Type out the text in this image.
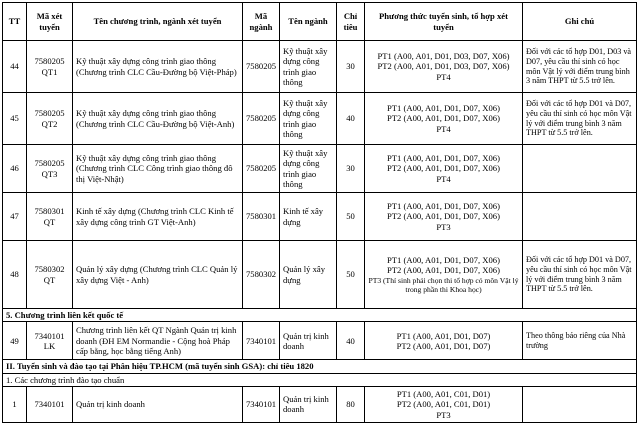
TT	Mã xét tuyển	Tên chương trình, ngành xét tuyển	Mã ngành	Tên ngành	Chỉ tiêu	Phương thức tuyển sinh, tổ hợp xét tuyển	Ghi chú
44	7580205 QT1	Kỹ thuật xây dựng công trình giao thông (Chương trình CLC Cầu-Đường bộ Việt-Pháp)	7580205	Kỹ thuật xây dựng công trình giao thông	30	PT1 (A00, A01, D01, D03, D07, X06)
PT2 (A00, A01, D01, D03, D07, X06)
PT4	Đối với các tổ hợp D01, D03 và D07, yêu cầu thí sinh có học môn Vật lý với điểm trung bình 3 năm THPT từ 5.5 trở lên.
45	7580205 QT2	Kỹ thuật xây dựng công trình giao thông (Chương trình CLC Cầu-Đường bộ Việt-Anh)	7580205	Kỹ thuật xây dựng công trình giao thông	40	PT1 (A00, A01, D01, D07, X06)
PT2 (A00, A01, D01, D07, X06)
PT4	Đối với các tổ hợp D01 và D07, yêu cầu thí sinh có học môn Vật lý với điểm trung bình 3 năm THPT từ 5.5 trở lên.
46	7580205 QT3	Kỹ thuật xây dựng công trình giao thông (Chương trình CLC Công trình giao thông đô thị Việt-Nhật)	7580205	Kỹ thuật xây dựng công trình giao thông	30	PT1 (A00, A01, D01, D07, X06)
PT2 (A00, A01, D01, D07, X06)
PT4	

47	7580301 QT	Kinh tế xây dựng (Chương trình CLC Kinh tế xây dựng công trình GT Việt-Anh)	7580301	Kinh tế xây dựng	50	PT1 (A00, A01, D01, D07, X06)
PT2 (A00, A01, D01, D07, X06)
PT3	

48	7580302 QT	Quản lý xây dựng (Chương trình CLC Quản lý xây dựng Việt - Anh)	7580302	Quản lý xây dựng	50	PT1 (A00, A01, D01, D07, X06)
PT2 (A00, A01, D01, D07, X06)
PT3 (Thí sinh phải chọn thi tổ hợp có môn Vật lý trong phần thi Khoa học)	Đối với các tổ hợp D01 và D07, yêu cầu thí sinh có học môn Vật lý với điểm trung bình 3 năm THPT từ 5.5 trở lên.
5. Chương trình liên kết quốc tế							
49	7340101 LK	Chương trình liên kết QT Ngành Quản trị kinh doanh (ĐH EM Normandie - Cộng hoà Pháp cấp bằng, học bằng tiếng Anh)	7340101	Quản trị kinh doanh	40	PT1 (A00, A01, D01, D07)
PT2 (A00, A01, D01, D07)	Theo thông báo riêng của Nhà trường
II. Tuyển sinh và đào tạo tại Phân hiệu TP.HCM (mã tuyển sinh GSA): chỉ tiêu 1820							
1. Các chương trình đào tạo chuẩn							
1	7340101	Quản trị kinh doanh	7340101	Quản trị kinh doanh	80	PT1 (A00, A01, C01, D01)
PT2 (A00, A01, C01, D01)
PT3	
